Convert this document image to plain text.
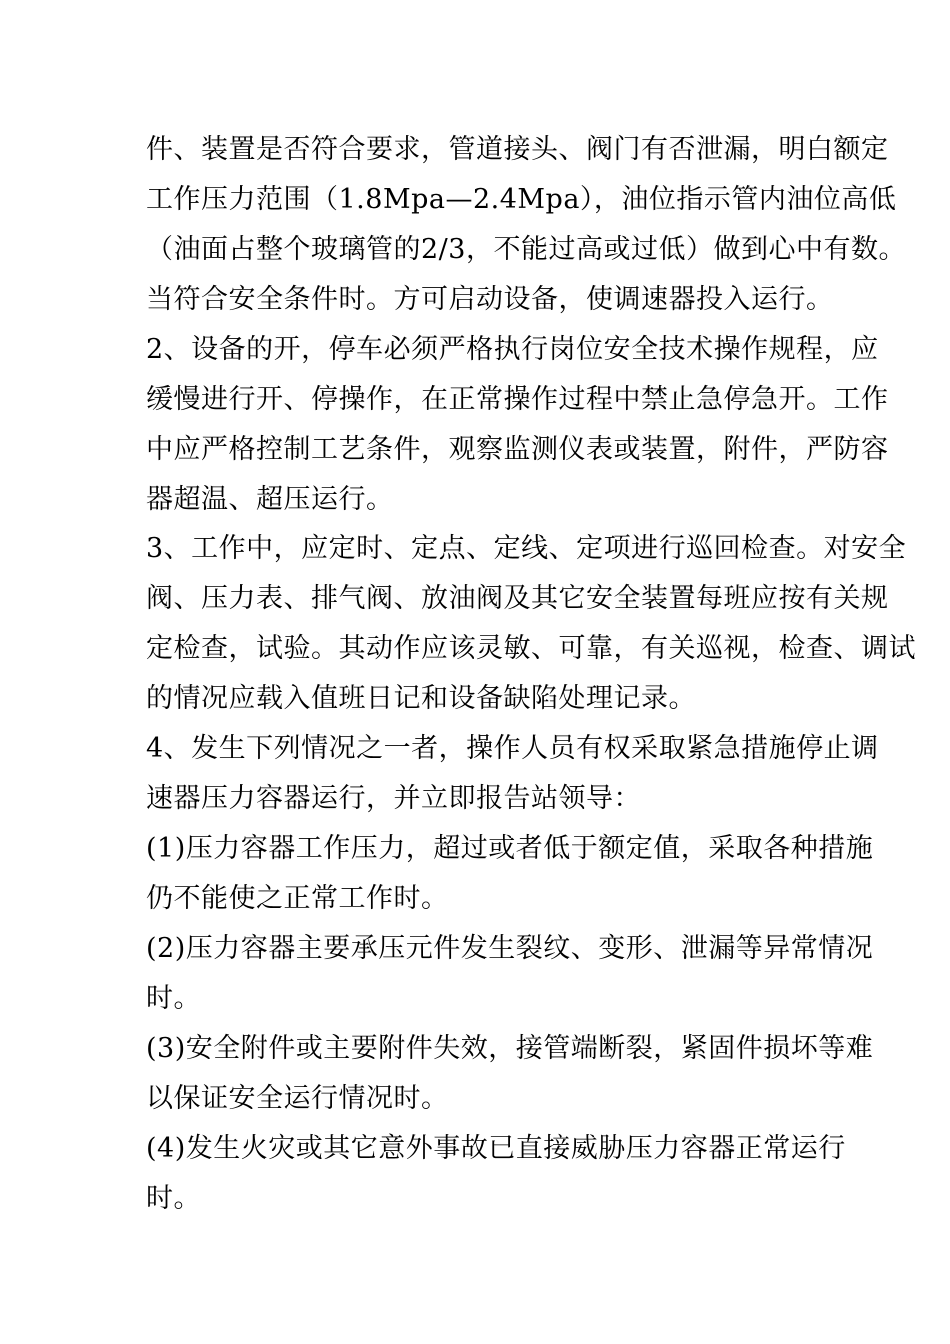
件、装置是否符合要求，管道接头、阀门有否泄漏，明白额定
工作压力范围（1.8Mpa—2.4Mpa），油位指示管内油位高低
（油面占整个玻璃管的2/3，不能过高或过低）做到心中有数。
当符合安全条件时。方可启动设备，使调速器投入运行。
2、设备的开，停车必须严格执行岗位安全技术操作规程，应
缓慢进行开、停操作，在正常操作过程中禁止急停急开。工作
中应严格控制工艺条件，观察监测仪表或装置，附件，严防容
器超温、超压运行。
3、工作中，应定时、定点、定线、定项进行巡回检查。对安全
阀、压力表、排气阀、放油阀及其它安全装置每班应按有关规
定检查，试验。其动作应该灵敏、可靠，有关巡视，检查、调试
的情况应载入值班日记和设备缺陷处理记录。
4、发生下列情况之一者，操作人员有权采取紧急措施停止调
速器压力容器运行，并立即报告站领导：
(1)压力容器工作压力，超过或者低于额定值，采取各种措施
仍不能使之正常工作时。
(2)压力容器主要承压元件发生裂纹、变形、泄漏等异常情况
时。
(3)安全附件或主要附件失效，接管端断裂，紧固件损坏等难
以保证安全运行情况时。
(4)发生火灾或其它意外事故已直接威胁压力容器正常运行
时。
